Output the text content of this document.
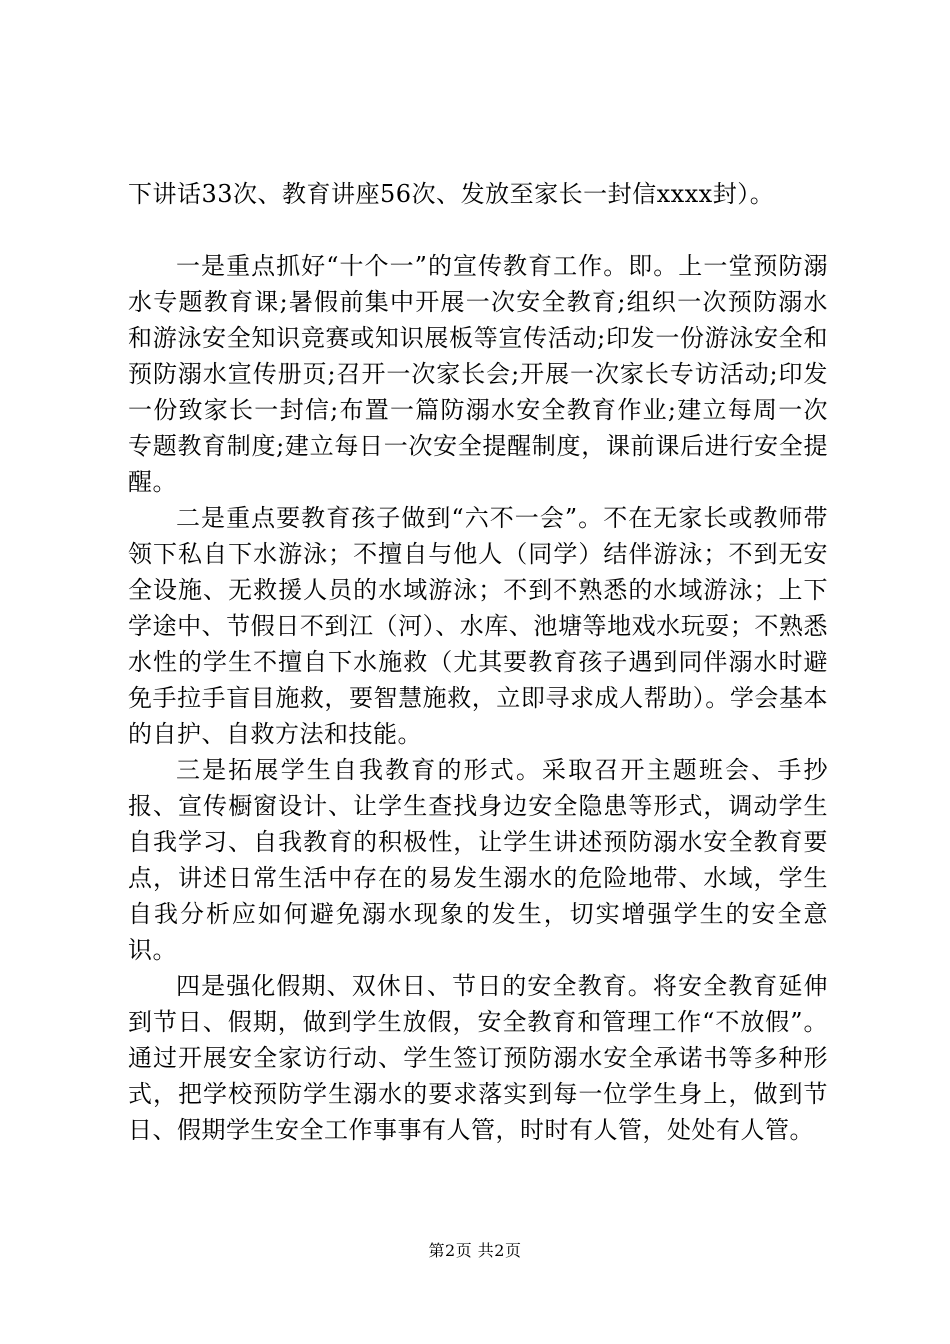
下讲话33次、教育讲座56次、发放至家长一封信xxxx封）。

一是重点抓好“十个一”的宣传教育工作。即。上一堂预防溺水专题教育课;暑假前集中开展一次安全教育;组织一次预防溺水和游泳安全知识竞赛或知识展板等宣传活动;印发一份游泳安全和预防溺水宣传册页;召开一次家长会;开展一次家长专访活动;印发一份致家长一封信;布置一篇防溺水安全教育作业;建立每周一次专题教育制度;建立每日一次安全提醒制度，课前课后进行安全提醒。

二是重点要教育孩子做到“六不一会”。不在无家长或教师带领下私自下水游泳；不擅自与他人（同学）结伴游泳；不到无安全设施、无救援人员的水域游泳；不到不熟悉的水域游泳；上下学途中、节假日不到江（河）、水库、池塘等地戏水玩耍；不熟悉水性的学生不擅自下水施救（尤其要教育孩子遇到同伴溺水时避免手拉手盲目施救，要智慧施救，立即寻求成人帮助）。学会基本的自护、自救方法和技能。

三是拓展学生自我教育的形式。采取召开主题班会、手抄报、宣传橱窗设计、让学生查找身边安全隐患等形式，调动学生自我学习、自我教育的积极性，让学生讲述预防溺水安全教育要点，讲述日常生活中存在的易发生溺水的危险地带、水域，学生自我分析应如何避免溺水现象的发生，切实增强学生的安全意识。

四是强化假期、双休日、节日的安全教育。将安全教育延伸到节日、假期，做到学生放假，安全教育和管理工作“不放假”。通过开展安全家访行动、学生签订预防溺水安全承诺书等多种形式，把学校预防学生溺水的要求落实到每一位学生身上，做到节日、假期学生安全工作事事有人管，时时有人管，处处有人管。

第2页 共2页
